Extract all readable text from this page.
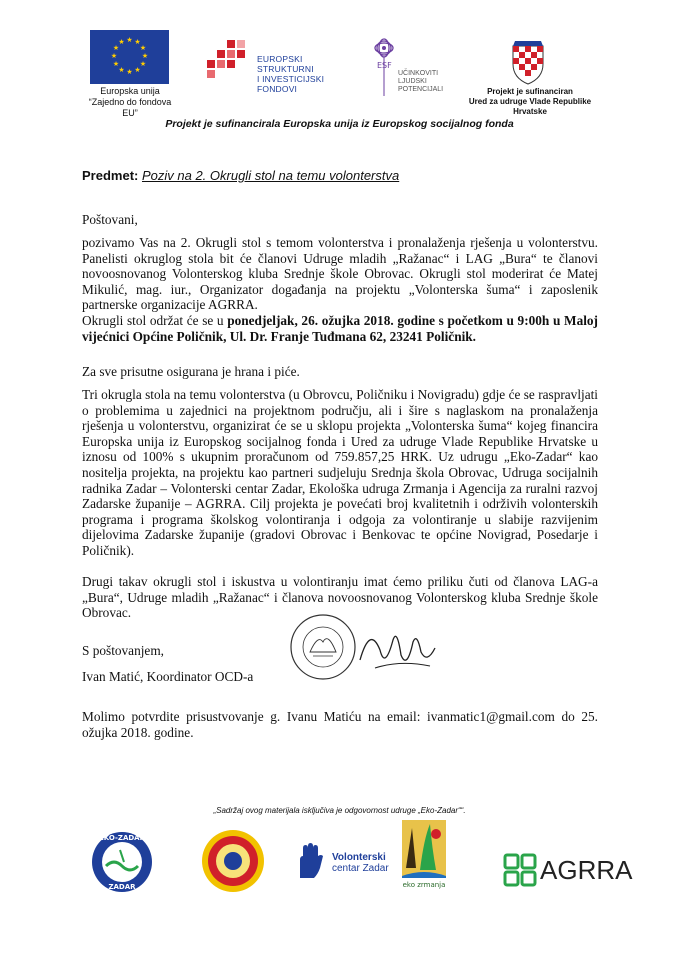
★ ★
★
★
★
★
★
★
★
★
★
★
Europska unija
“Zajedno do fondova EU”
EUROPSKI STRUKTURNI
I INVESTICIJSKI FONDOVI
ESF
UČINKOVITI
LJUDSKI
POTENCIJALI	Projekt je sufinanciran
Ured za udruge Vlade Republike Hrvatske
Projekt je sufinancirala Europska unija iz Europskog socijalnog fonda
Predmet: Poziv na 2. Okrugli stol na temu volonterstva
Poštovani,
pozivamo Vas na 2. Okrugli stol s temom volonterstva i pronalaženja rješenja u volonterstvu. Panelisti okruglog stola bit će članovi Udruge mladih „Ražanac“ i LAG „Bura“ te članovi novoosnovanog Volonterskog kluba Srednje škole Obrovac. Okrugli stol moderirat će Matej Mikulić, mag. iur., Organizator događanja na projektu „Volonterska šuma“ i zaposlenik partnerske organizacije AGRRA.
Okrugli stol održat će se u ponedjeljak, 26. ožujka 2018. godine s početkom u 9:00h u Maloj vijećnici Općine Poličnik, Ul. Dr. Franje Tuđmana 62, 23241 Poličnik.
Za sve prisutne osigurana je hrana i piće.
Tri okrugla stola na temu volonterstva (u Obrovcu, Poličniku i Novigradu) gdje će se raspravljati o problemima u zajednici na projektnom području, ali i šire s naglaskom na pronalaženja rješenja u volonterstvu, organizirat će se u sklopu projekta „Volonterska šuma“ kojeg financira Europska unija iz Europskog socijalnog fonda i Ured za udruge Vlade Republike Hrvatske u iznosu od 100% s ukupnim proračunom od 759.857,25 HRK. Uz udrugu „Eko-Zadar“ kao nositelja projekta, na projektu kao partneri sudjeluju Srednja škola Obrovac, Udruga socijalnih radnika Zadar – Volonterski centar Zadar, Ekološka udruga Zrmanja i Agencija za ruralni razvoj Zadarske županije – AGRRA. Cilj projekta je povećati broj kvalitetnih i održivih volonterskih programa i programa školskog volontiranja i odgoja za volontiranje u slabije razvijenim dijelovima Zadarske županije (gradovi Obrovac i Benkovac te općine Novigrad, Posedarje i Poličnik).
Drugi takav okrugli stol i iskustva u volontiranju imat ćemo priliku čuti od članova LAG-a „Bura“, Udruge mladih „Ražanac“ i članova novoosnovanog Volonterskog kluba Srednje škole Obrovac.
S poštovanjem,
Ivan Matić, Koordinator OCD-a
Molimo potvrdite prisustvovanje g. Ivanu Matiću na email: ivanmatic1@gmail.com do 25. ožujka 2018. godine.
„Sadržaj ovog materijala isključiva je odgovornost udruge „Eko-Zadar““.
EKO-ZADAR
ZADAR
Volonterski
centar Zadar
eko zrmanja	AGRRA
